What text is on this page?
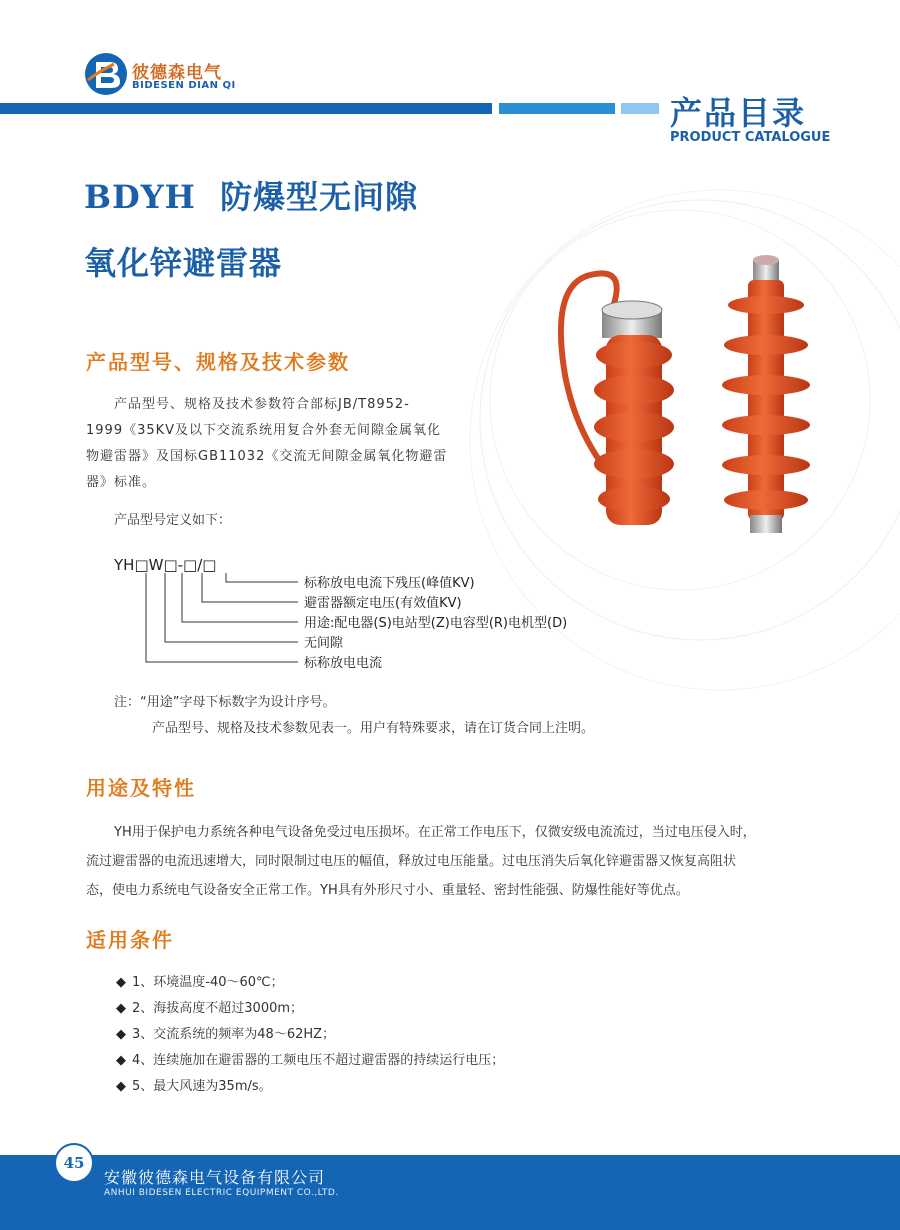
彼德森电气
BIDESEN DIAN QI
产品目录
PRODUCT CATALOGUE
BDYH  防爆型无间隙
氧化锌避雷器
产品型号、规格及技术参数
产品型号、规格及技术参数符合部标JB/T8952-
1999《35KV及以下交流系统用复合外套无间隙金属氧化
物避雷器》及国标GB11032《交流无间隙金属氧化物避雷
器》标准。
产品型号定义如下：
YH□W□-□/□
标称放电电流下残压(峰值KV)
避雷器额定电压(有效值KV)
用途:配电器(S)电站型(Z)电容型(R)电机型(D)
无间隙
标称放电电流
注：“用途”字母下标数字为设计序号。
产品型号、规格及技术参数见表一。用户有特殊要求，请在订货合同上注明。
用途及特性
YH用于保护电力系统各种电气设备免受过电压损坏。在正常工作电压下，仅微安级电流流过，当过电压侵入时，
流过避雷器的电流迅速增大，同时限制过电压的幅值，释放过电压能量。过电压消失后氧化锌避雷器又恢复高阻状
态，使电力系统电气设备安全正常工作。YH具有外形尺寸小、重量轻、密封性能强、防爆性能好等优点。
适用条件
◆ 1、环境温度-40～60℃；
◆ 2、海拔高度不超过3000m；
◆ 3、交流系统的频率为48～62HZ；
◆ 4、连续施加在避雷器的工频电压不超过避雷器的持续运行电压；
◆ 5、最大风速为35m/s。
45
安徽彼德森电气设备有限公司
ANHUI BIDESEN ELECTRIC EQUIPMENT CO.,LTD.
